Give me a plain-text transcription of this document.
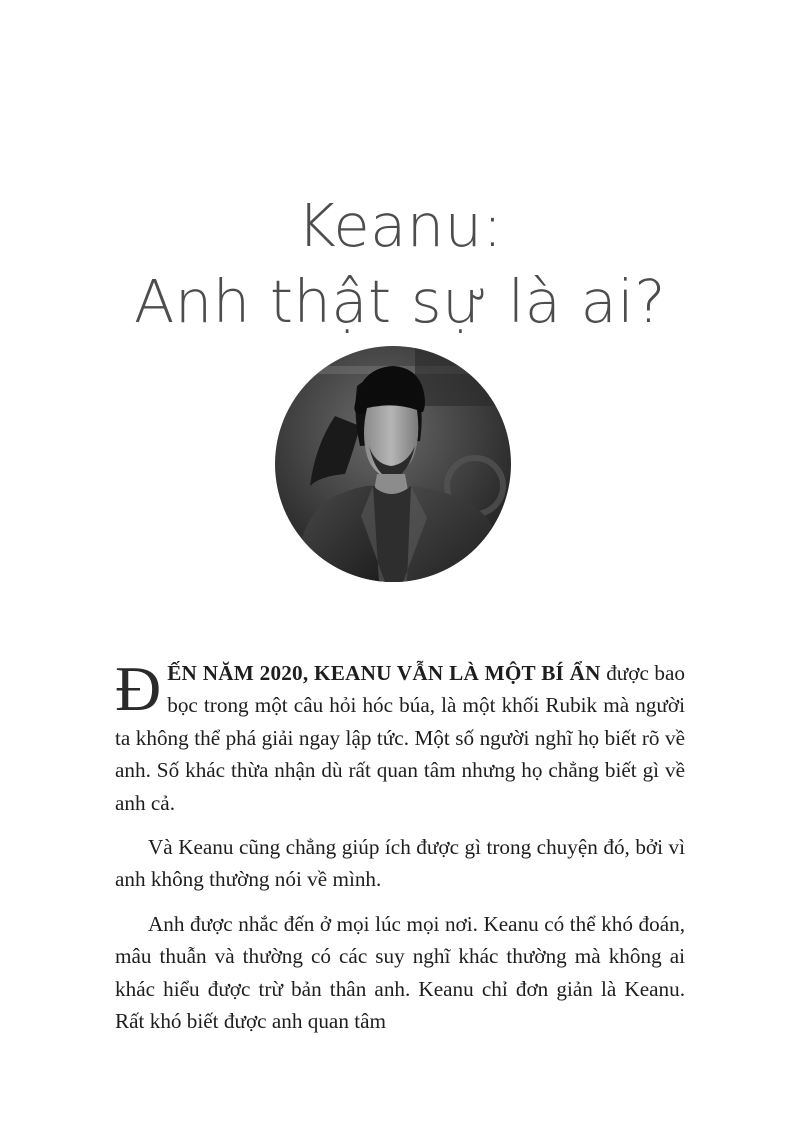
Keanu:
Anh thật sự là ai?

ĐẾN NĂM 2020, KEANU VẪN LÀ MỘT BÍ ẨN được bao bọc trong một câu hỏi hóc búa, là một khối Rubik mà người ta không thể phá giải ngay lập tức. Một số người nghĩ họ biết rõ về anh. Số khác thừa nhận dù rất quan tâm nhưng họ chẳng biết gì về anh cả.

Và Keanu cũng chẳng giúp ích được gì trong chuyện đó, bởi vì anh không thường nói về mình.

Anh được nhắc đến ở mọi lúc mọi nơi. Keanu có thể khó đoán, mâu thuẫn và thường có các suy nghĩ khác thường mà không ai khác hiểu được trừ bản thân anh. Keanu chỉ đơn giản là Keanu. Rất khó biết được anh quan tâm
